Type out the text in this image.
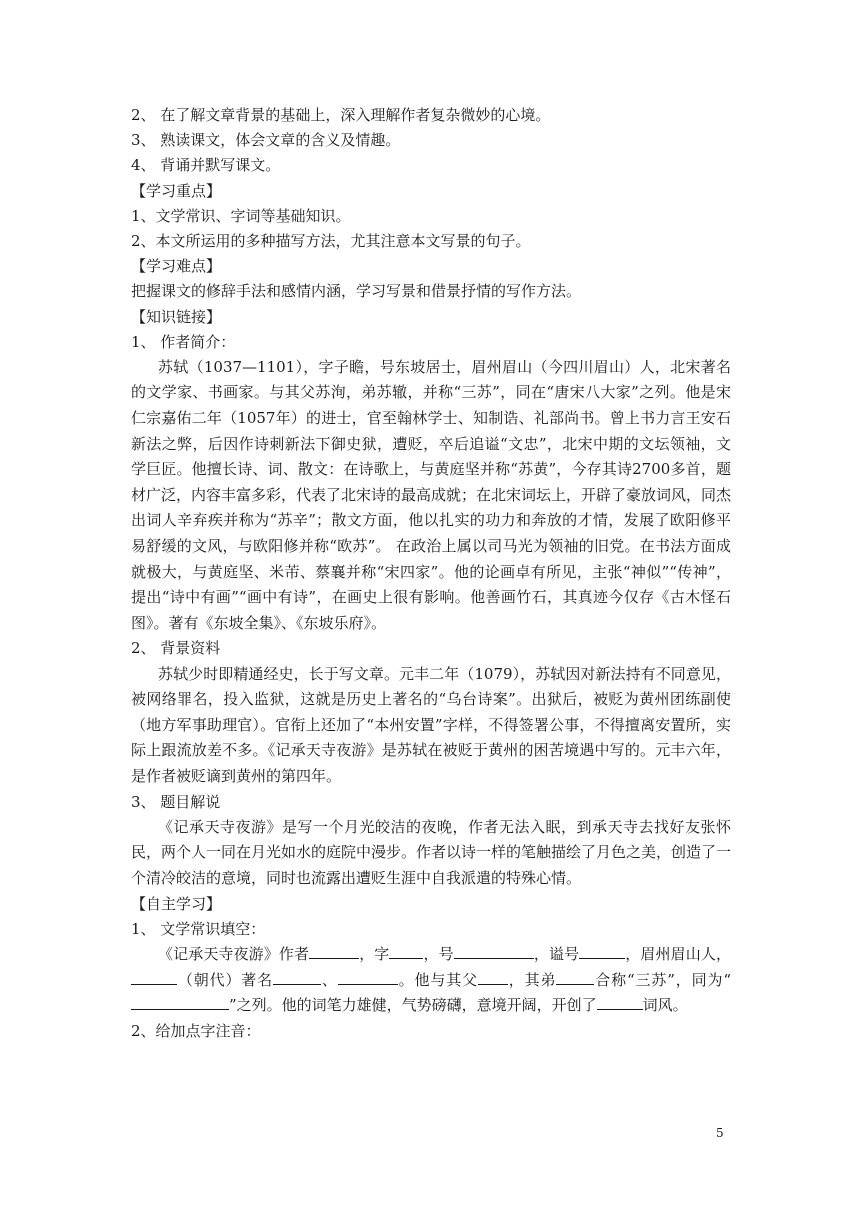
2、 在了解文章背景的基础上，深入理解作者复杂微妙的心境。
3、 熟读课文，体会文章的含义及情趣。
4、 背诵并默写课文。
【学习重点】
1、文学常识、字词等基础知识。
2、本文所运用的多种描写方法，尤其注意本文写景的句子。
【学习难点】
把握课文的修辞手法和感情内涵，学习写景和借景抒情的写作方法。
【知识链接】
1、 作者简介：
苏轼（1037—1101），字子瞻，号东坡居士，眉州眉山（今四川眉山）人，北宋著名的文学家、书画家。与其父苏洵，弟苏辙，并称“三苏”，同在“唐宋八大家”之列。他是宋仁宗嘉佑二年（1057年）的进士，官至翰林学士、知制诰、礼部尚书。曾上书力言王安石新法之弊，后因作诗刺新法下御史狱，遭贬，卒后追谥“文忠”，北宋中期的文坛领袖，文学巨匠。他擅长诗、词、散文：在诗歌上，与黄庭坚并称“苏黄”，今存其诗2700多首，题材广泛，内容丰富多彩，代表了北宋诗的最高成就；在北宋词坛上，开辟了豪放词风，同杰出词人辛弃疾并称为“苏辛”；散文方面，他以扎实的功力和奔放的才情，发展了欧阳修平易舒缓的文风，与欧阳修并称“欧苏”。 在政治上属以司马光为领袖的旧党。在书法方面成就极大，与黄庭坚、米芾、蔡襄并称“宋四家”。他的论画卓有所见，主张“神似”“传神”，提出“诗中有画”“画中有诗”，在画史上很有影响。他善画竹石，其真迹今仅存《古木怪石图》。著有《东坡全集》、《东坡乐府》。
2、 背景资料
苏轼少时即精通经史，长于写文章。元丰二年（1079），苏轼因对新法持有不同意见，被网络罪名，投入监狱，这就是历史上著名的“乌台诗案”。出狱后，被贬为黄州团练副使（地方军事助理官）。官衔上还加了“本州安置”字样，不得签署公事，不得擅离安置所，实际上跟流放差不多。《记承天寺夜游》是苏轼在被贬于黄州的困苦境遇中写的。元丰六年，是作者被贬谪到黄州的第四年。
3、 题目解说
《记承天寺夜游》是写一个月光皎洁的夜晚，作者无法入眠，到承天寺去找好友张怀民，两个人一同在月光如水的庭院中漫步。作者以诗一样的笔触描绘了月色之美，创造了一个清冷皎洁的意境，同时也流露出遭贬生涯中自我派遣的特殊心情。
【自主学习】
1、 文学常识填空：
《记承天寺夜游》作者	，字 ，号	，谥号	，眉州眉山人，（朝代）著名	、	。他与其父 ，其弟	合称“三苏”，同为“”之列。他的词笔力雄健，气势磅礴，意境开阔，开创了	词风。
2、给加点字注音：
5
